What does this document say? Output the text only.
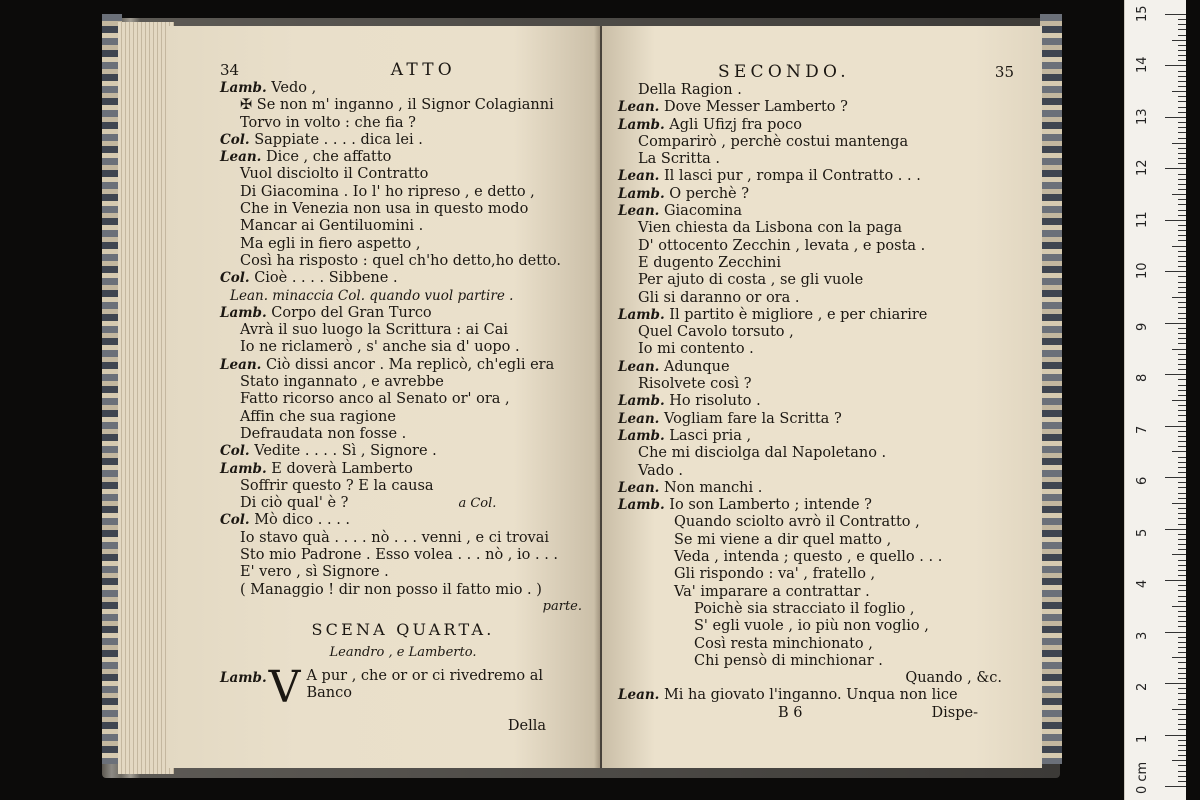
34	ATTO
Lamb. Vedo ,
✠ Se non m' inganno , il Signor Colagianni
Torvo in volto : che fia ?
Col. Sappiate . . . . dica lei .
Lean. Dice , che affatto
Vuol disciolto il Contratto
Di Giacomina . Io l' ho ripreso , e detto ,
Che in Venezia non usa in questo modo
Mancar ai Gentiluomini .
Ma egli in fiero aspetto ,
Così ha risposto : quel ch'ho detto,ho detto.
Col. Cioè . . . . Sibbene .
Lean. minaccia Col. quando vuol partire .
Lamb. Corpo del Gran Turco
Avrà il suo luogo la Scrittura : ai Cai
Io ne riclamerò , s' anche sia d' uopo .
Lean. Ciò dissi ancor . Ma replicò, ch'egli era
Stato ingannato , e avrebbe
Fatto ricorso anco al Senato or' ora ,
Affin che sua ragione
Defraudata non fosse .
Col. Vedite . . . . Sì , Signore .
Lamb. E doverà Lamberto
Soffrir questo ? E la causa
Di ciò qual' è ?	a Col.
Col. Mò dico . . . .
Io stavo quà . . . . nò . . . venni , e ci trovai
Sto mio Padrone . Esso volea . . . nò , io . . .
E' vero , sì Signore .
( Managgio ! dir non posso il fatto mio . )
parte.
SCENA QUARTA.
Leandro , e Lamberto.
Lamb. V A pur , che or or ci rivedremo al
Banco
Della
SECONDO.	35
Della Ragion .
Lean. Dove Messer Lamberto ?
Lamb. Agli Ufizj fra poco
Comparirò , perchè costui mantenga
La Scritta .
Lean. Il lasci pur , rompa il Contratto . . .
Lamb. O perchè ?
Lean. Giacomina
Vien chiesta da Lisbona con la paga
D' ottocento Zecchin , levata , e posta .
E dugento Zecchini
Per ajuto di costa , se gli vuole
Gli si daranno or ora .
Lamb. Il partito è migliore , e per chiarire
Quel Cavolo torsuto ,
Io mi contento .
Lean. Adunque
Risolvete così ?
Lamb. Ho risoluto .
Lean. Vogliam fare la Scritta ?
Lamb. Lasci pria ,
Che mi disciolga dal Napoletano .
Vado .
Lean. Non manchi .
Lamb. Io son Lamberto ; intende ?
Quando sciolto avrò il Contratto ,
Se mi viene a dir quel matto ,
Veda , intenda ; questo , e quello . . .
Gli rispondo : va' , fratello ,
Va' imparare a contrattar .
Poichè sia stracciato il foglio ,
S' egli vuole , io più non voglio ,
Così resta minchionato ,
Chi pensò di minchionar .
Quando , &c.
Lean. Mi ha giovato l'inganno. Unqua non lice
B 6	Dispe-
15
14
13
12
11
10
9
8
7
6
5
4
3
2
1
0 cm
